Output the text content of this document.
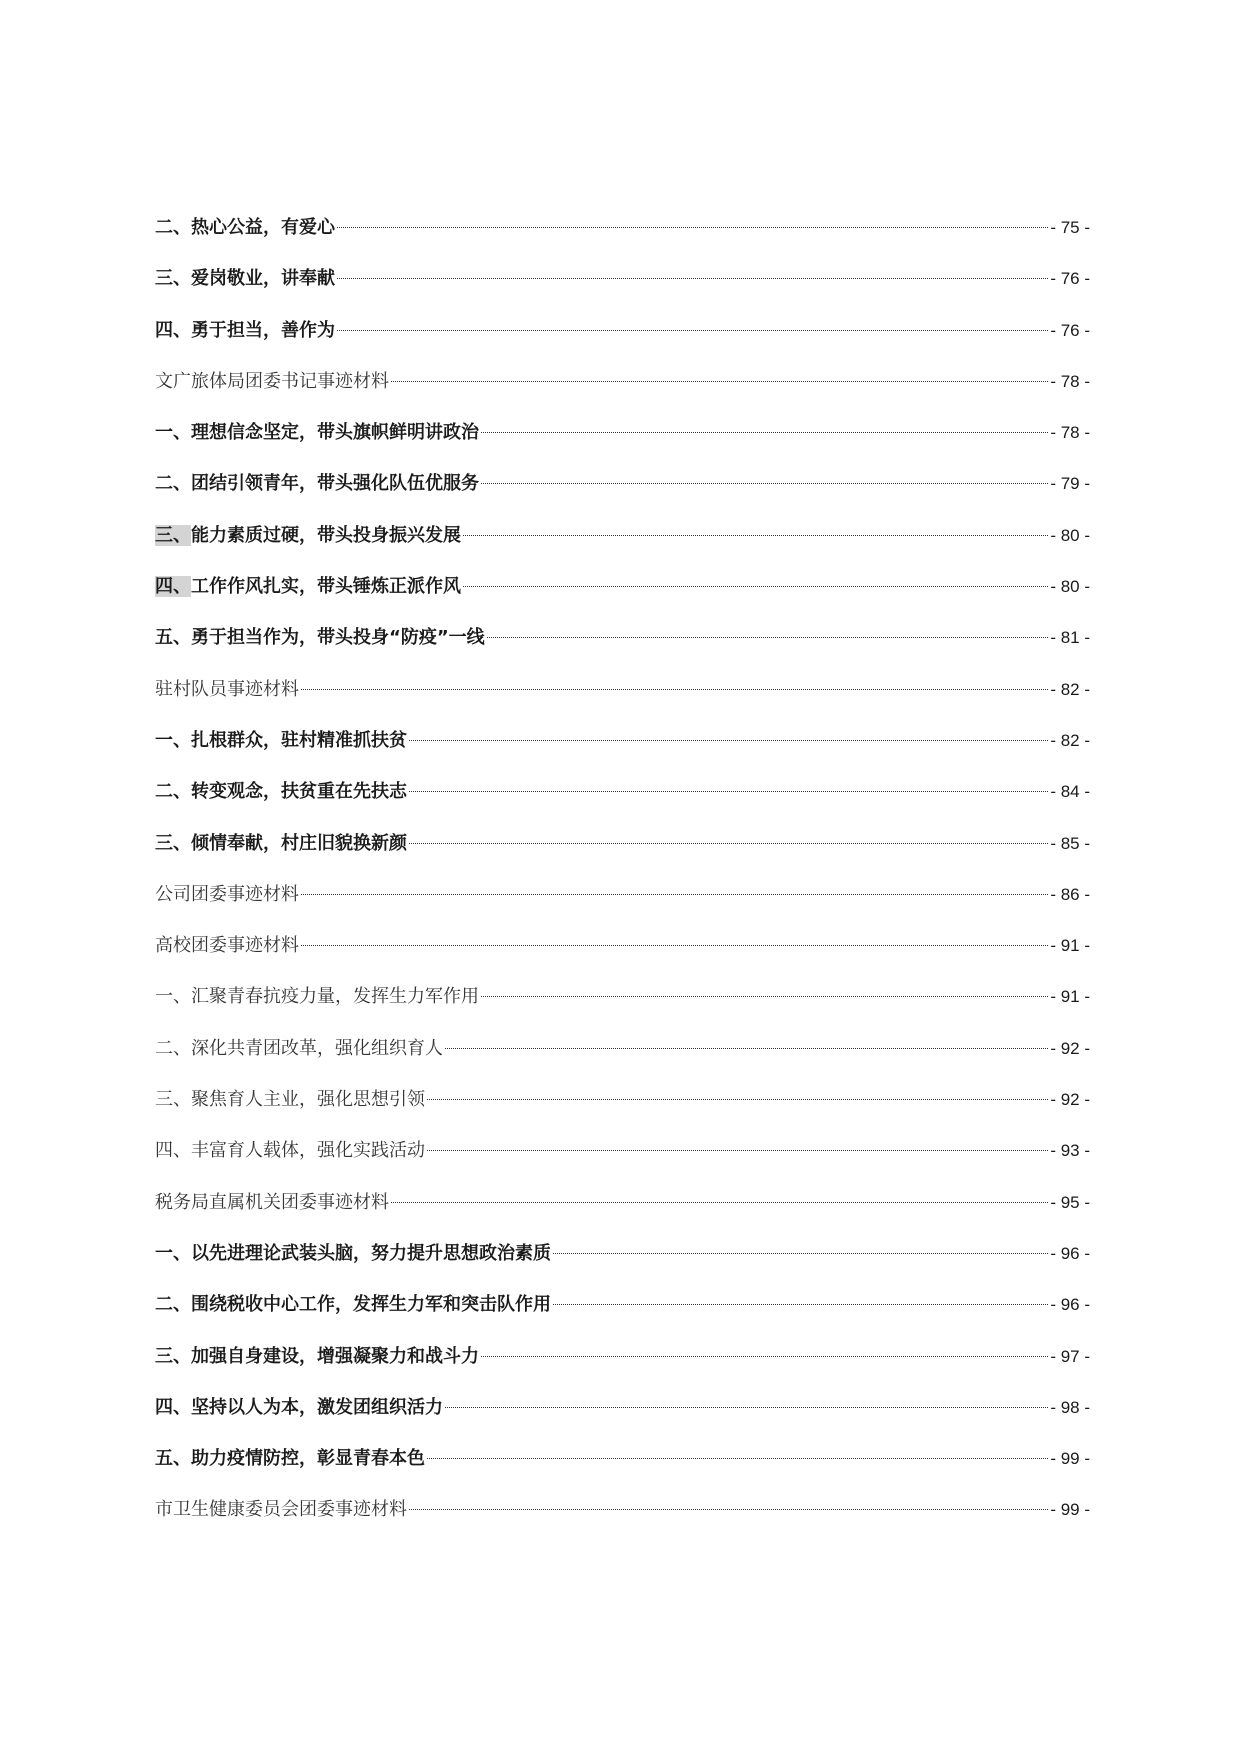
二、热心公益，有爱心	- 75 -
三、爱岗敬业，讲奉献	- 76 -
四、勇于担当，善作为	- 76 -
文广旅体局团委书记事迹材料	- 78 -
一、理想信念坚定，带头旗帜鲜明讲政治	- 78 -
二、团结引领青年，带头强化队伍优服务	- 79 -
三、能力素质过硬，带头投身振兴发展	- 80 -
四、工作作风扎实，带头锤炼正派作风	- 80 -
五、勇于担当作为，带头投身“防疫”一线	- 81 -
驻村队员事迹材料	- 82 -
一、扎根群众，驻村精准抓扶贫	- 82 -
二、转变观念，扶贫重在先扶志	- 84 -
三、倾情奉献，村庄旧貌换新颜	- 85 -
公司团委事迹材料	- 86 -
高校团委事迹材料	- 91 -
一、汇聚青春抗疫力量，发挥生力军作用	- 91 -
二、深化共青团改革，强化组织育人	- 92 -
三、聚焦育人主业，强化思想引领	- 92 -
四、丰富育人载体，强化实践活动	- 93 -
税务局直属机关团委事迹材料	- 95 -
一、以先进理论武装头脑，努力提升思想政治素质	- 96 -
二、围绕税收中心工作，发挥生力军和突击队作用	- 96 -
三、加强自身建设，增强凝聚力和战斗力	- 97 -
四、坚持以人为本，激发团组织活力	- 98 -
五、助力疫情防控，彰显青春本色	- 99 -
市卫生健康委员会团委事迹材料	- 99 -
